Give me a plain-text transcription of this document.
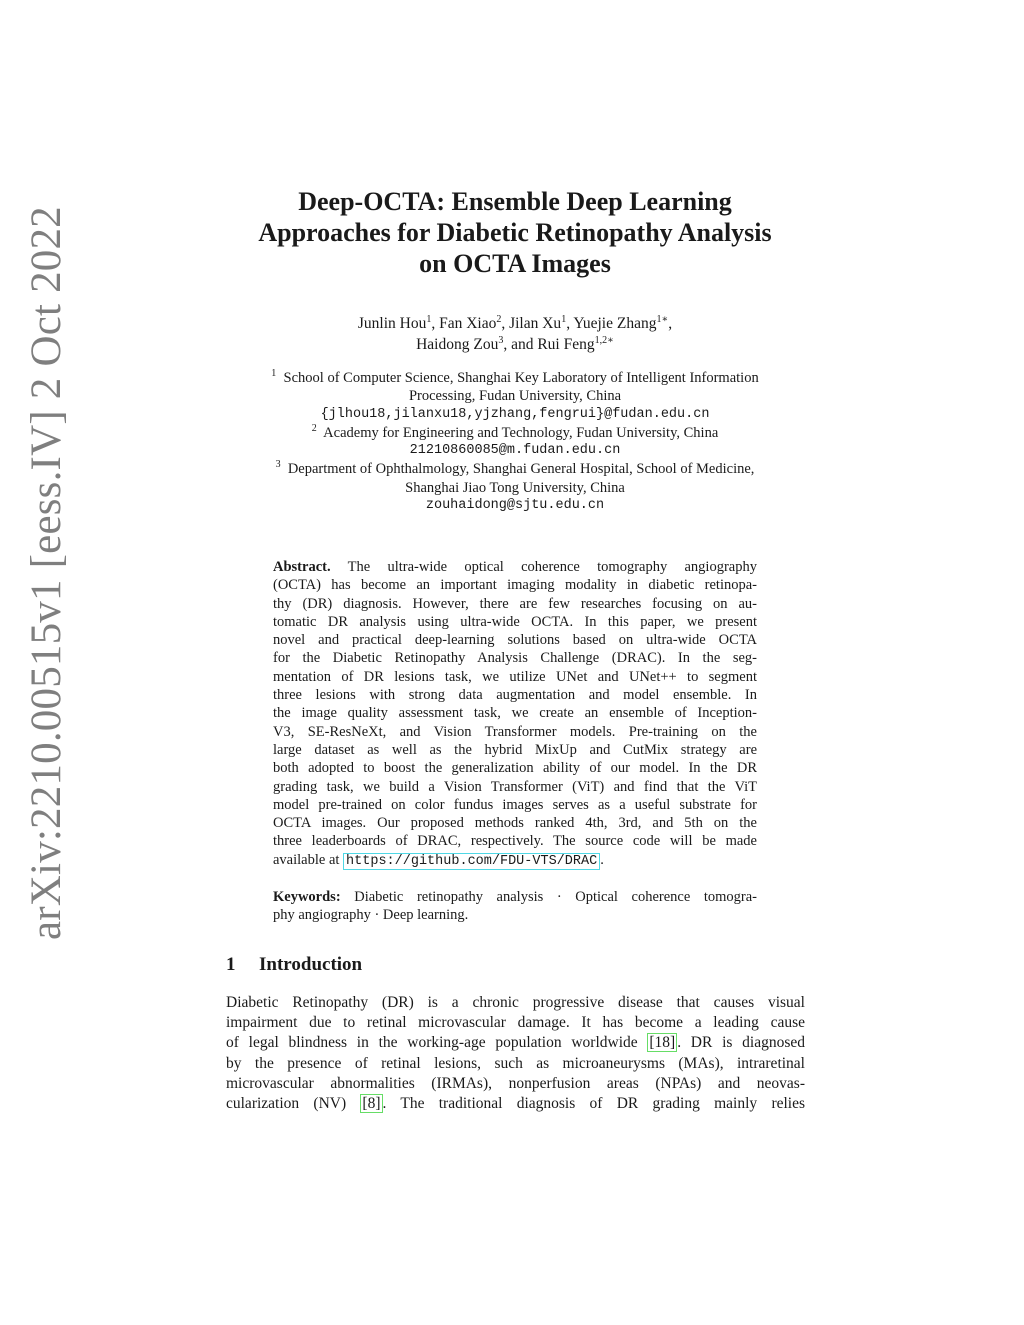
arXiv:2210.00515v1 [eess.IV] 2 Oct 2022
Deep-OCTA: Ensemble Deep Learning
Approaches for Diabetic Retinopathy Analysis
on OCTA Images
Junlin Hou$^1$, Fan Xiao$^2$, Jilan Xu$^1$, Yuejie Zhang$^{1∗}$,
Haidong Zou$^3$, and Rui Feng$^{1,2∗}$
$^1$ School of Computer Science, Shanghai Key Laboratory of Intelligent Information
Processing, Fudan University, China
{jlhou18,jilanxu18,yjzhang,fengrui}@fudan.edu.cn
$^2$ Academy for Engineering and Technology, Fudan University, China
21210860085@m.fudan.edu.cn
$^3$ Department of Ophthalmology, Shanghai General Hospital, School of Medicine,
Shanghai Jiao Tong University, China
zouhaidong@sjtu.edu.cn
Abstract. The ultra-wide optical coherence tomography angiography
(OCTA) has become an important imaging modality in diabetic retinopa-
thy (DR) diagnosis. However, there are few researches focusing on au-
tomatic DR analysis using ultra-wide OCTA. In this paper, we present
novel and practical deep-learning solutions based on ultra-wide OCTA
for the Diabetic Retinopathy Analysis Challenge (DRAC). In the seg-
mentation of DR lesions task, we utilize UNet and UNet++ to segment
three lesions with strong data augmentation and model ensemble. In
the image quality assessment task, we create an ensemble of Inception-
V3, SE-ResNeXt, and Vision Transformer models. Pre-training on the
large dataset as well as the hybrid MixUp and CutMix strategy are
both adopted to boost the generalization ability of our model. In the DR
grading task, we build a Vision Transformer (ViT) and find that the ViT
model pre-trained on color fundus images serves as a useful substrate for
OCTA images. Our proposed methods ranked 4th, 3rd, and 5th on the
three leaderboards of DRAC, respectively. The source code will be made
available at https://github.com/FDU-VTS/DRAC .
Keywords: Diabetic retinopathy analysis · Optical coherence tomogra-
phy angiography · Deep learning.
1 Introduction
Diabetic Retinopathy (DR) is a chronic progressive disease that causes visual
impairment due to retinal microvascular damage. It has become a leading cause
of legal blindness in the working-age population worldwide [18] . DR is diagnosed
by the presence of retinal lesions, such as microaneurysms (MAs), intraretinal
microvascular abnormalities (IRMAs), nonperfusion areas (NPAs) and neovas-
cularization (NV) [8] . The traditional diagnosis of DR grading mainly relies
